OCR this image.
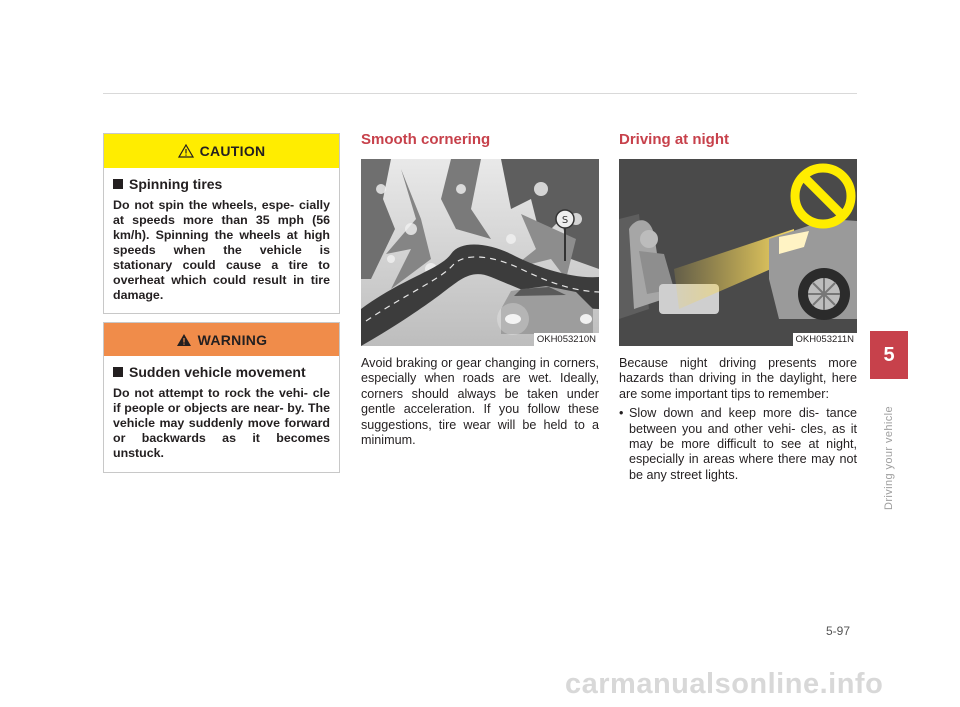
CAUTION
Spinning tires
Do not spin the wheels, espe- cially at speeds more than 35 mph (56 km/h). Spinning the wheels at high speeds when the vehicle is stationary could cause a tire to overheat which could result in tire damage.
WARNING
Sudden vehicle movement
Do not attempt to rock the vehi- cle if people or objects are near- by. The vehicle may suddenly move forward or backwards as it becomes unstuck.
Smooth cornering
S
OKH053210N
Avoid braking or gear changing in corners, especially when roads are wet. Ideally, corners should always be taken under gentle acceleration. If you follow these suggestions, tire wear will be held to a minimum.
Driving at night
OKH053211N
Because night driving presents more hazards than driving in the daylight, here are some important tips to remember:
• Slow down and keep more dis- tance between you and other vehi- cles, as it may be more difficult to see at night, especially in areas where there may not be any street lights.
5
Driving your vehicle
5-97
carmanualsonline.info
